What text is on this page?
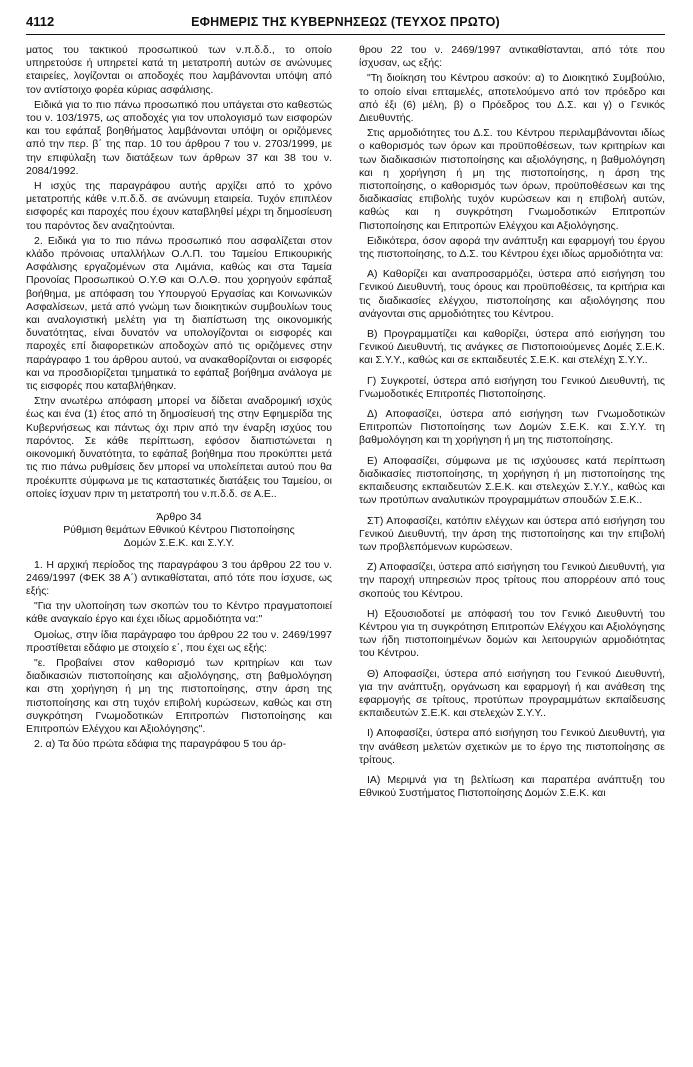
4112	ΕΦΗΜΕΡΙΣ ΤΗΣ ΚΥΒΕΡΝΗΣΕΩΣ (ΤΕΥΧΟΣ ΠΡΩΤΟ)

ματος του τακτικού προσωπικού των ν.π.δ.δ., το οποίο υπηρετούσε ή υπηρετεί κατά τη μετατροπή αυτών σε ανώνυμες εταιρείες, λογίζονται οι αποδοχές που λαμβάνονται υπόψη από τον αντίστοιχο φορέα κύριας ασφάλισης.

Ειδικά για το πιο πάνω προσωπικό που υπάγεται στο καθεστώς του ν. 103/1975, ως αποδοχές για τον υπολογισμό των εισφορών και του εφάπαξ βοηθήματος λαμβάνονται υπόψη οι οριζόμενες από την περ. β΄ της παρ. 10 του άρθρου 7 του ν. 2703/1999, με την επιφύλαξη των διατάξεων των άρθρων 37 και 38 του ν. 2084/1992.

Η ισχύς της παραγράφου αυτής αρχίζει από το χρόνο μετατροπής κάθε ν.π.δ.δ. σε ανώνυμη εταιρεία. Τυχόν επιπλέον εισφορές και παροχές που έχουν καταβληθεί μέχρι τη δημοσίευση του παρόντος δεν αναζητούνται.

2. Ειδικά για το πιο πάνω προσωπικό που ασφαλίζεται στον κλάδο πρόνοιας υπαλλήλων Ο.Λ.Π. του Ταμείου Επικουρικής Ασφάλισης εργαζομένων στα Λιμάνια, καθώς και στα Ταμεία Προνοίας Προσωπικού Ο.Υ.Θ και Ο.Λ.Θ. που χορηγούν εφάπαξ βοήθημα, με απόφαση του Υπουργού Εργασίας και Κοινωνικών Ασφαλίσεων, μετά από γνώμη των διοικητικών συμβουλίων τους και αναλογιστική μελέτη για τη διαπίστωση της οικονομικής δυνατότητας, είναι δυνατόν να υπολογίζονται οι εισφορές και παροχές επί διαφορετικών αποδοχών από τις οριζόμενες στην παράγραφο 1 του άρθρου αυτού, να ανακαθορίζονται οι εισφορές και να προσδιορίζεται τμηματικά το εφάπαξ βοήθημα ανάλογα με τις εισφορές που καταβλήθηκαν.

Στην ανωτέρω απόφαση μπορεί να δίδεται αναδρομική ισχύς έως και ένα (1) έτος από τη δημοσίευσή της στην Εφημερίδα της Κυβερνήσεως και πάντως όχι πριν από την έναρξη ισχύος του παρόντος. Σε κάθε περίπτωση, εφόσον διαπιστώνεται η οικονομική δυνατότητα, το εφάπαξ βοήθημα που προκύπτει μετά τις πιο πάνω ρυθμίσεις δεν μπορεί να υπολείπεται αυτού που θα προέκυπτε σύμφωνα με τις καταστατικές διατάξεις του Ταμείου, οι οποίες ίσχυαν πριν τη μετατροπή του ν.π.δ.δ. σε Α.Ε..

Άρθρο 34
Ρύθμιση θεμάτων Εθνικού Κέντρου Πιστοποίησης
Δομών Σ.Ε.Κ. και Σ.Υ.Υ.

1. Η αρχική περίοδος της παραγράφου 3 του άρθρου 22 του ν. 2469/1997 (ΦΕΚ 38 Α΄) αντικαθίσταται, από τότε που ίσχυσε, ως εξής:

"Για την υλοποίηση των σκοπών του το Κέντρο πραγματοποιεί κάθε αναγκαίο έργο και έχει ιδίως αρμοδιότητα να:"

Ομοίως, στην ίδια παράγραφο του άρθρου 22 του ν. 2469/1997 προστίθεται εδάφιο με στοιχείο ε΄, που έχει ως εξής:

"ε. Προβαίνει στον καθορισμό των κριτηρίων και των διαδικασιών πιστοποίησης και αξιολόγησης, στη βαθμολόγηση και στη χορήγηση ή μη της πιστοποίησης, στην άρση της πιστοποίησης και στη τυχόν επιβολή κυρώσεων, καθώς και στη συγκρότηση Γνωμοδοτικών Επιτροπών Πιστοποίησης και Επιτροπών Ελέγχου και Αξιολόγησης".

2. α) Τα δύο πρώτα εδάφια της παραγράφου 5 του άρ-

θρου 22 του ν. 2469/1997 αντικαθίστανται, από τότε που ίσχυσαν, ως εξής:

"Τη διοίκηση του Κέντρου ασκούν: α) το Διοικητικό Συμβούλιο, το οποίο είναι επταμελές, αποτελούμενο από τον πρόεδρο και από έξι (6) μέλη, β) ο Πρόεδρος του Δ.Σ. και γ) ο Γενικός Διευθυντής.

Στις αρμοδιότητες του Δ.Σ. του Κέντρου περιλαμβάνονται ιδίως ο καθορισμός των όρων και προϋποθέσεων, των κριτηρίων και των διαδικασιών πιστοποίησης και αξιολόγησης, η βαθμολόγηση και η χορήγηση ή μη της πιστοποίησης, η άρση της πιστοποίησης, ο καθορισμός των όρων, προϋποθέσεων και της διαδικασίας επιβολής τυχόν κυρώσεων και η επιβολή αυτών, καθώς και η συγκρότηση Γνωμοδοτικών Επιτροπών Πιστοποίησης και Επιτροπών Ελέγχου και Αξιολόγησης.

Ειδικότερα, όσον αφορά την ανάπτυξη και εφαρμογή του έργου της πιστοποίησης, το Δ.Σ. του Κέντρου έχει ιδίως αρμοδιότητα να:

Α) Καθορίζει και αναπροσαρμόζει, ύστερα από εισήγηση του Γενικού Διευθυντή, τους όρους και προϋποθέσεις, τα κριτήρια και τις διαδικασίες ελέγχου, πιστοποίησης και αξιολόγησης που ανάγονται στις αρμοδιότητες του Κέντρου.

Β) Προγραμματίζει και καθορίζει, ύστερα από εισήγηση του Γενικού Διευθυντή, τις ανάγκες σε Πιστοποιούμενες Δομές Σ.Ε.Κ. και Σ.Υ.Υ., καθώς και σε εκπαιδευτές Σ.Ε.Κ. και στελέχη Σ.Υ.Υ..

Γ) Συγκροτεί, ύστερα από εισήγηση του Γενικού Διευθυντή, τις Γνωμοδοτικές Επιτροπές Πιστοποίησης.

Δ) Αποφασίζει, ύστερα από εισήγηση των Γνωμοδοτικών Επιτροπών Πιστοποίησης των Δομών Σ.Ε.Κ. και Σ.Υ.Υ. τη βαθμολόγηση και τη χορήγηση ή μη της πιστοποίησης.

Ε) Αποφασίζει, σύμφωνα με τις ισχύουσες κατά περίπτωση διαδικασίες πιστοποίησης, τη χορήγηση ή μη πιστοποίησης της εκπαιδευσης εκπαιδευτών Σ.Ε.Κ. και στελεχών Σ.Υ.Υ., καθώς και των προτύπων αναλυτικών προγραμμάτων σπουδών Σ.Ε.Κ..

ΣΤ) Αποφασίζει, κατόπιν ελέγχων και ύστερα από εισήγηση του Γενικού Διευθυντή, την άρση της πιστοποίησης και την επιβολή των προβλεπόμενων κυρώσεων.

Ζ) Αποφασίζει, ύστερα από εισήγηση του Γενικού Διευθυντή, για την παροχή υπηρεσιών προς τρίτους που απορρέουν από τους σκοπούς του Κέντρου.

Η) Εξουσιοδοτεί με απόφασή του τον Γενικό Διευθυντή του Κέντρου για τη συγκρότηση Επιτροπών Ελέγχου και Αξιολόγησης των ήδη πιστοποιημένων δομών και λειτουργιών αρμοδιότητας του Κέντρου.

Θ) Αποφασίζει, ύστερα από εισήγηση του Γενικού Διευθυντή, για την ανάπτυξη, οργάνωση και εφαρμογή ή και ανάθεση της εφαρμογής σε τρίτους, προτύπων προγραμμάτων εκπαίδευσης εκπαιδευτών Σ.Ε.Κ. και στελεχών Σ.Υ.Υ..

Ι) Αποφασίζει, ύστερα από εισήγηση του Γενικού Διευθυντή, για την ανάθεση μελετών σχετικών με το έργο της πιστοποίησης σε τρίτους.

ΙΑ) Μεριμνά για τη βελτίωση και παραπέρα ανάπτυξη του Εθνικού Συστήματος Πιστοποίησης Δομών Σ.Ε.Κ. και
